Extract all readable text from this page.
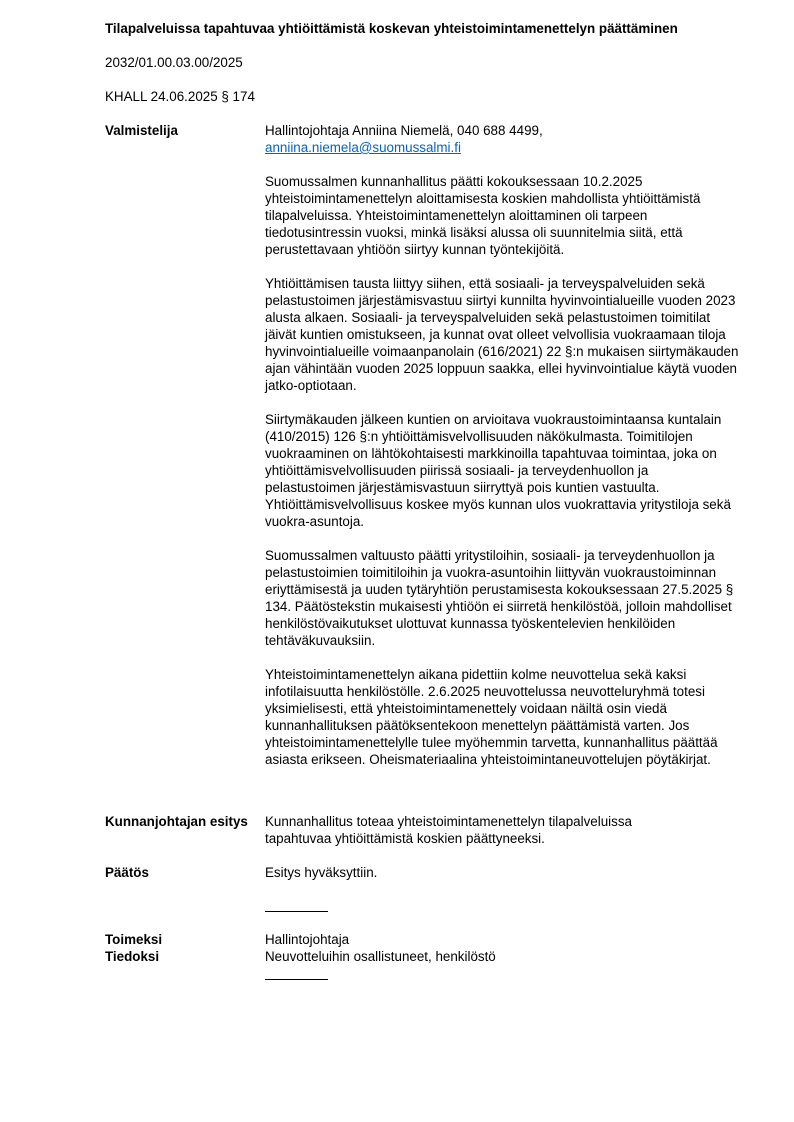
Tilapalveluissa tapahtuvaa yhtiöittämistä koskevan yhteistoimintamenettelyn päättäminen
2032/01.00.03.00/2025
KHALL 24.06.2025 § 174
Valmistelija	Hallintojohtaja Anniina Niemelä, 040 688 4499,
anniina.niemela@suomussalmi.fi

Suomussalmen kunnanhallitus päätti kokouksessaan 10.2.2025 yhteistoimintamenettelyn aloittamisesta koskien mahdollista yhtiöittämistä tilapalveluissa. Yhteistoimintamenettelyn aloittaminen oli tarpeen tiedotusintressin vuoksi, minkä lisäksi alussa oli suunnitelmia siitä, että perustettavaan yhtiöön siirtyy kunnan työntekijöitä.

Yhtiöittämisen tausta liittyy siihen, että sosiaali- ja terveyspalveluiden sekä pelastustoimen järjestämisvastuu siirtyi kunnilta hyvinvointialueille vuoden 2023 alusta alkaen. Sosiaali- ja terveyspalveluiden sekä pelastustoimen toimitilat jäivät kuntien omistukseen, ja kunnat ovat olleet velvollisia vuokraamaan tiloja hyvinvointialueille voimaanpanolain (616/2021) 22 §:n mukaisen siirtymäkauden ajan vähintään vuoden 2025 loppuun saakka, ellei hyvinvointialue käytä vuoden jatko-optiotaan.

Siirtymäkauden jälkeen kuntien on arvioitava vuokraustoimintaansa kuntalain (410/2015) 126 §:n yhtiöittämisvelvollisuuden näkökulmasta. Toimitilojen vuokraaminen on lähtökohtaisesti markkinoilla tapahtuvaa toimintaa, joka on yhtiöittämisvelvollisuuden piirissä sosiaali- ja terveydenhuollon ja pelastustoimen järjestämisvastuun siirryttyä pois kuntien vastuulta. Yhtiöittämisvelvollisuus koskee myös kunnan ulos vuokrattavia yritystiloja sekä vuokra-asuntoja.

Suomussalmen valtuusto päätti yritystiloihin, sosiaali- ja terveydenhuollon ja pelastustoimien toimitiloihin ja vuokra-asuntoihin liittyvän vuokraustoiminnan eriyttämisestä ja uuden tytäryhtiön perustamisesta kokouksessaan 27.5.2025 § 134. Päätöstekstin mukaisesti yhtiöön ei siirretä henkilöstöä, jolloin mahdolliset henkilöstövaikutukset ulottuvat kunnassa työskentelevien henkilöiden tehtäväkuvauksiin.

Yhteistoimintamenettelyn aikana pidettiin kolme neuvottelua sekä kaksi infotilaisuutta henkilöstölle. 2.6.2025 neuvottelussa neuvotteluryhmä totesi yksimielisesti, että yhteistoimintamenettely voidaan näiltä osin viedä kunnanhallituksen päätöksentekoon menettelyn päättämistä varten. Jos yhteistoimintamenettelylle tulee myöhemmin tarvetta, kunnanhallitus päättää asiasta erikseen. Oheismateriaalina yhteistoimintaneuvottelujen pöytäkirjat.

Kunnanjohtajan esitys	Kunnanhallitus toteaa yhteistoimintamenettelyn tilapalveluissa tapahtuvaa yhtiöittämistä koskien päättyneeksi.
Päätös	Esitys hyväksyttiin.
Toimeksi	Hallintojohtaja
Tiedoksi	Neuvotteluihin osallistuneet, henkilöstö
